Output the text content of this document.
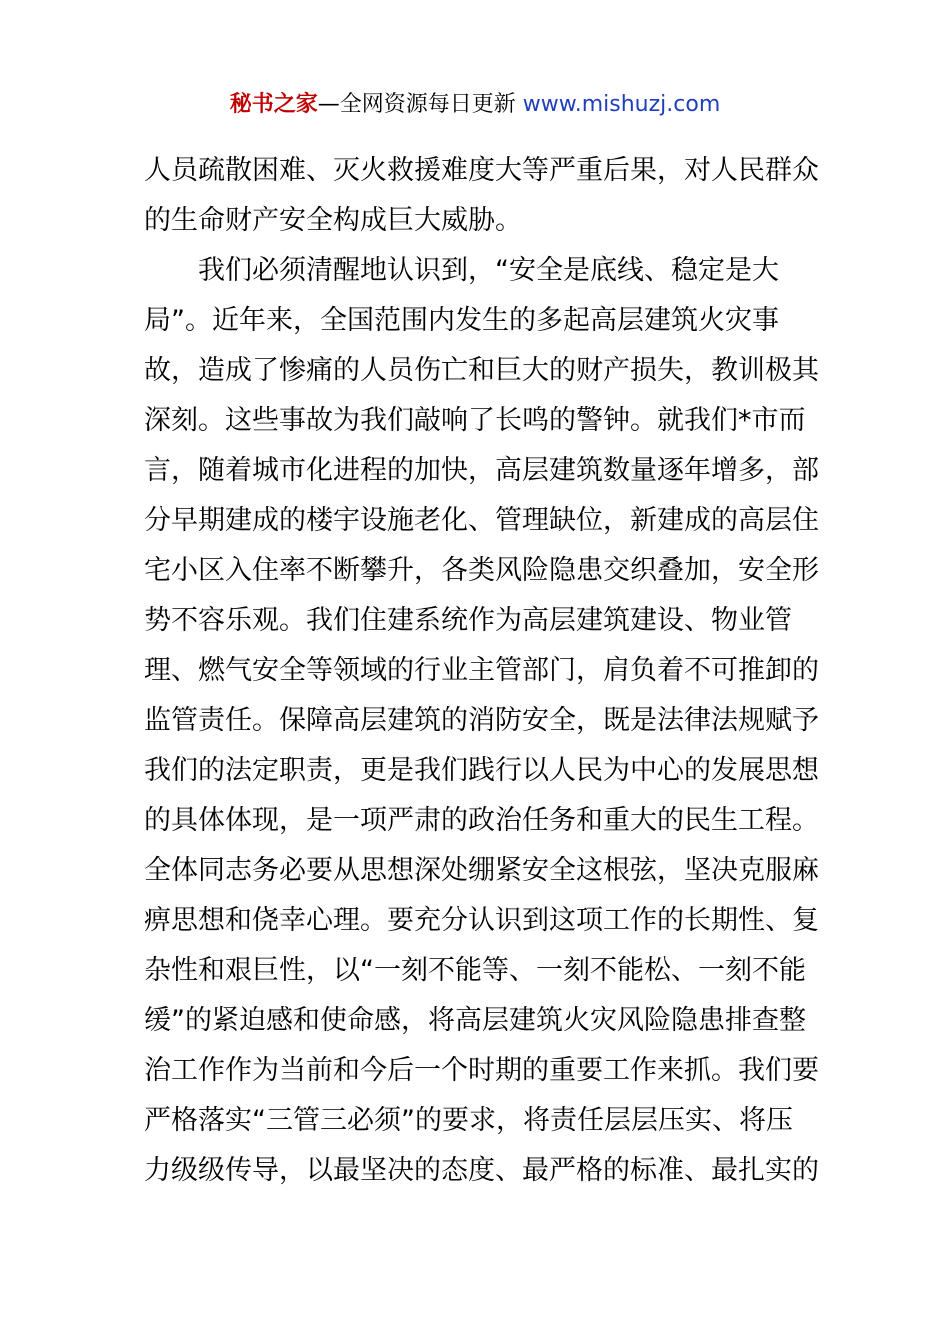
秘书之家—全网资源每日更新 www.mishuzj.com
人员疏散困难、灭火救援难度大等严重后果，对人民群众
的生命财产安全构成巨大威胁。
　　我们必须清醒地认识到，“安全是底线、稳定是大
局”。近年来，全国范围内发生的多起高层建筑火灾事
故，造成了惨痛的人员伤亡和巨大的财产损失，教训极其
深刻。这些事故为我们敲响了长鸣的警钟。就我们*市而
言，随着城市化进程的加快，高层建筑数量逐年增多，部
分早期建成的楼宇设施老化、管理缺位，新建成的高层住
宅小区入住率不断攀升，各类风险隐患交织叠加，安全形
势不容乐观。我们住建系统作为高层建筑建设、物业管
理、燃气安全等领域的行业主管部门，肩负着不可推卸的
监管责任。保障高层建筑的消防安全，既是法律法规赋予
我们的法定职责，更是我们践行以人民为中心的发展思想
的具体体现，是一项严肃的政治任务和重大的民生工程。
全体同志务必要从思想深处绷紧安全这根弦，坚决克服麻
痹思想和侥幸心理。要充分认识到这项工作的长期性、复
杂性和艰巨性，以“一刻不能等、一刻不能松、一刻不能
缓”的紧迫感和使命感，将高层建筑火灾风险隐患排查整
治工作作为当前和今后一个时期的重要工作来抓。我们要
严格落实“三管三必须”的要求，将责任层层压实、将压
力级级传导，以最坚决的态度、最严格的标准、最扎实的
